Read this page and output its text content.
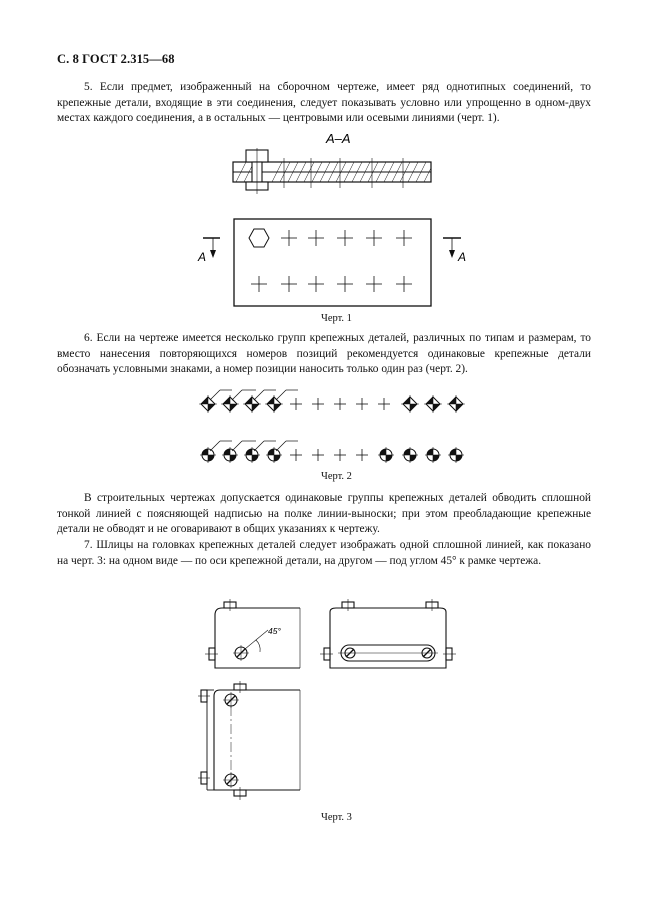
С. 8 ГОСТ 2.315—68

5. Если предмет, изображенный на сборочном чертеже, имеет ряд однотипных соединений, то крепежные детали, входящие в эти соединения, следует показывать условно или упрощенно в одном-двух местах каждого соединения, а в остальных — центровыми или осевыми линиями (черт. 1).

А–А
А	А
Черт. 1

6. Если на чертеже имеется несколько групп крепежных деталей, различных по типам и размерам, то вместо нанесения повторяющихся номеров позиций рекомендуется одинаковые крепежные детали обозначать условными знаками, а номер позиции наносить только один раз (черт. 2).

Черт. 2

В строительных чертежах допускается одинаковые группы крепежных деталей обводить сплошной тонкой линией с поясняющей надписью на полке линии-выноски; при этом преобладающие крепежные детали не обводят и не оговаривают в общих указаниях к чертежу.

7. Шлицы на головках крепежных деталей следует изображать одной сплошной линией, как показано на черт. 3: на одном виде — по оси крепежной детали, на другом — под углом 45° к рамке чертежа.

45°
Черт. 3
